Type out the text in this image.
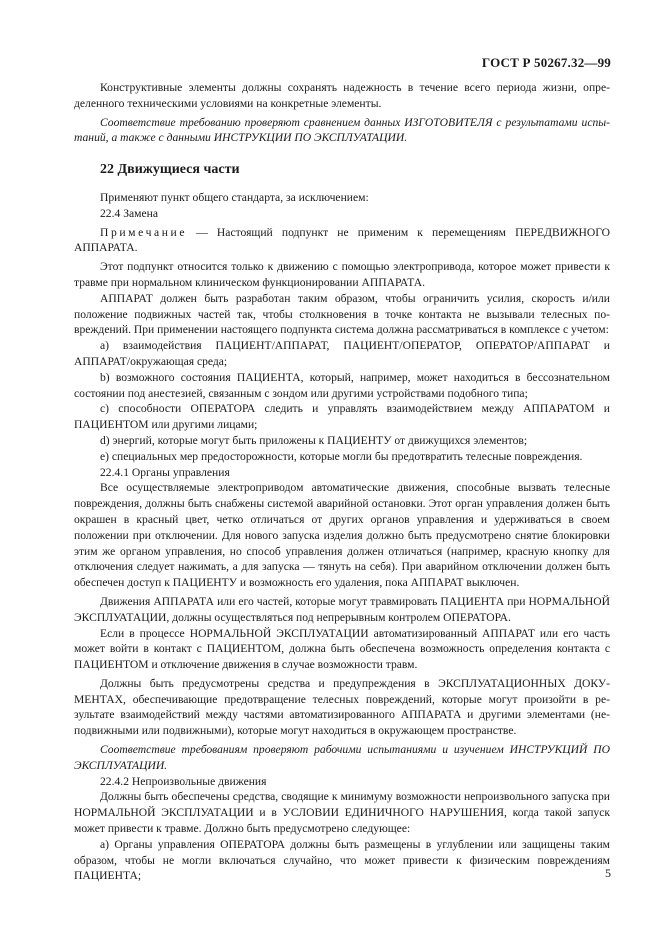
ГОСТ Р 50267.32—99

Конструктивные элементы должны сохранять надежность в течение всего периода жизни, определенного техническими условиями на конкретные элементы.

Соответствие требованию проверяют сравнением данных ИЗГОТОВИТЕЛЯ с результатами испытаний, а также с данными ИНСТРУКЦИИ ПО ЭКСПЛУАТАЦИИ.

22 Движущиеся части

Применяют пункт общего стандарта, за исключением:

22.4 Замена

Примечание — Настоящий подпункт не применим к перемещениям ПЕРЕДВИЖНОГО АППАРАТА.

Этот подпункт относится только к движению с помощью электропривода, которое может привести к травме при нормальном клиническом функционировании АППАРАТА.

АППАРАТ должен быть разработан таким образом, чтобы ограничить усилия, скорость и/или положение подвижных частей так, чтобы столкновения в точке контакта не вызывали телесных повреждений. При применении настоящего подпункта система должна рассматриваться в комплексе с учетом:

а) взаимодействия ПАЦИЕНТ/АППАРАТ, ПАЦИЕНТ/ОПЕРАТОР, ОПЕРАТОР/АППАРАТ и АППАРАТ/окружающая среда;

b) возможного состояния ПАЦИЕНТА, который, например, может находиться в бессознательном состоянии под анестезией, связанным с зондом или другими устройствами подобного типа;

с) способности ОПЕРАТОРА следить и управлять взаимодействием между АППАРАТОМ и ПАЦИЕНТОМ или другими лицами;

d) энергий, которые могут быть приложены к ПАЦИЕНТУ от движущихся элементов;

е) специальных мер предосторожности, которые могли бы предотвратить телесные повреждения.

22.4.1 Органы управления

Все осуществляемые электроприводом автоматические движения, способные вызвать телесные повреждения, должны быть снабжены системой аварийной остановки. Этот орган управления должен быть окрашен в красный цвет, четко отличаться от других органов управления и удерживаться в своем положении при отключении. Для нового запуска изделия должно быть предусмотрено снятие блокировки этим же органом управления, но способ управления должен отличаться (например, красную кнопку для отключения следует нажимать, а для запуска — тянуть на себя). При аварийном отключении должен быть обеспечен доступ к ПАЦИЕНТУ и возможность его удаления, пока АППАРАТ выключен.

Движения АППАРАТА или его частей, которые могут травмировать ПАЦИЕНТА при НОРМАЛЬНОЙ ЭКСПЛУАТАЦИИ, должны осуществляться под непрерывным контролем ОПЕРАТОРА.

Если в процессе НОРМАЛЬНОЙ ЭКСПЛУАТАЦИИ автоматизированный АППАРАТ или его часть может войти в контакт с ПАЦИЕНТОМ, должна быть обеспечена возможность определения контакта с ПАЦИЕНТОМ и отключение движения в случае возможности травм.

Должны быть предусмотрены средства и предупреждения в ЭКСПЛУАТАЦИОННЫХ ДОКУМЕНТАХ, обеспечивающие предотвращение телесных повреждений, которые могут произойти в результате взаимодействий между частями автоматизированного АППАРАТА и другими элементами (неподвижными или подвижными), которые могут находиться в окружающем пространстве.

Соответствие требованиям проверяют рабочими испытаниями и изучением ИНСТРУКЦИЙ ПО ЭКСПЛУАТАЦИИ.

22.4.2 Непроизвольные движения

Должны быть обеспечены средства, сводящие к минимуму возможности непроизвольного запуска при НОРМАЛЬНОЙ ЭКСПЛУАТАЦИИ и в УСЛОВИИ ЕДИНИЧНОГО НАРУШЕНИЯ, когда такой запуск может привести к травме. Должно быть предусмотрено следующее:

а) Органы управления ОПЕРАТОРА должны быть размещены в углублении или защищены таким образом, чтобы не могли включаться случайно, что может привести к физическим повреждениям ПАЦИЕНТА;	5
